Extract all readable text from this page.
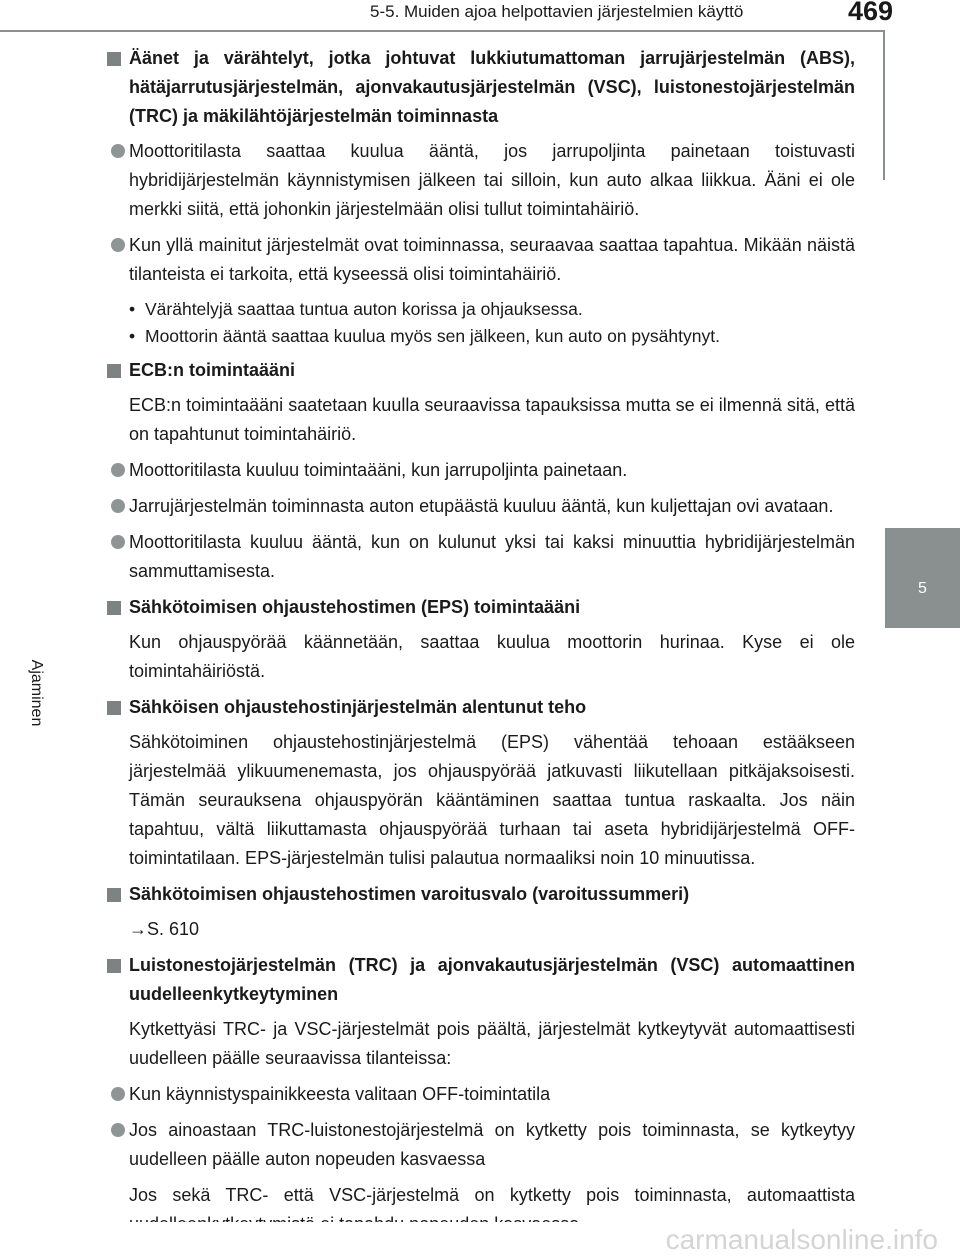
5-5. Muiden ajoa helpottavien järjestelmien käyttö	469
5
Ajaminen
Äänet ja värähtelyt, jotka johtuvat lukkiutumattoman jarrujärjestelmän (ABS), hätäjarrutusjärjestelmän, ajonvakautusjärjestelmän (VSC), luistonestojärjestelmän (TRC) ja mäkilähtöjärjestelmän toiminnasta
Moottoritilasta saattaa kuulua ääntä, jos jarrupoljinta painetaan toistuvasti hybridijärjestelmän käynnistymisen jälkeen tai silloin, kun auto alkaa liikkua. Ääni ei ole merkki siitä, että johonkin järjestelmään olisi tullut toimintahäiriö.
Kun yllä mainitut järjestelmät ovat toiminnassa, seuraavaa saattaa tapahtua. Mikään näistä tilanteista ei tarkoita, että kyseessä olisi toimintahäiriö.
• Värähtelyjä saattaa tuntua auton korissa ja ohjauksessa.
• Moottorin ääntä saattaa kuulua myös sen jälkeen, kun auto on pysähtynyt.
ECB:n toimintaääni
ECB:n toimintaääni saatetaan kuulla seuraavissa tapauksissa mutta se ei ilmennä sitä, että on tapahtunut toimintahäiriö.
Moottoritilasta kuuluu toimintaääni, kun jarrupoljinta painetaan.
Jarrujärjestelmän toiminnasta auton etupäästä kuuluu ääntä, kun kuljettajan ovi avataan.
Moottoritilasta kuuluu ääntä, kun on kulunut yksi tai kaksi minuuttia hybridijärjestelmän sammuttamisesta.
Sähkötoimisen ohjaustehostimen (EPS) toimintaääni
Kun ohjauspyörää käännetään, saattaa kuulua moottorin hurinaa. Kyse ei ole toimintahäiriöstä.
Sähköisen ohjaustehostinjärjestelmän alentunut teho
Sähkötoiminen ohjaustehostinjärjestelmä (EPS) vähentää tehoaan estääkseen järjestelmää ylikuumenemasta, jos ohjauspyörää jatkuvasti liikutellaan pitkäjaksoisesti. Tämän seurauksena ohjauspyörän kääntäminen saattaa tuntua raskaalta. Jos näin tapahtuu, vältä liikuttamasta ohjauspyörää turhaan tai aseta hybridijärjestelmä OFF-toimintatilaan. EPS-järjestelmän tulisi palautua normaaliksi noin 10 minuutissa.
Sähkötoimisen ohjaustehostimen varoitusvalo (varoitussummeri)
→S. 610
Luistonestojärjestelmän (TRC) ja ajonvakautusjärjestelmän (VSC) automaattinen uudelleenkytkeytyminen
Kytkettyäsi TRC- ja VSC-järjestelmät pois päältä, järjestelmät kytkeytyvät automaattisesti uudelleen päälle seuraavissa tilanteissa:
Kun käynnistyspainikkeesta valitaan OFF-toimintatila
Jos ainoastaan TRC-luistonestojärjestelmä on kytketty pois toiminnasta, se kytkeytyy uudelleen päälle auton nopeuden kasvaessa
Jos sekä TRC- että VSC-järjestelmä on kytketty pois toiminnasta, automaattista
carmanualsonline.info
